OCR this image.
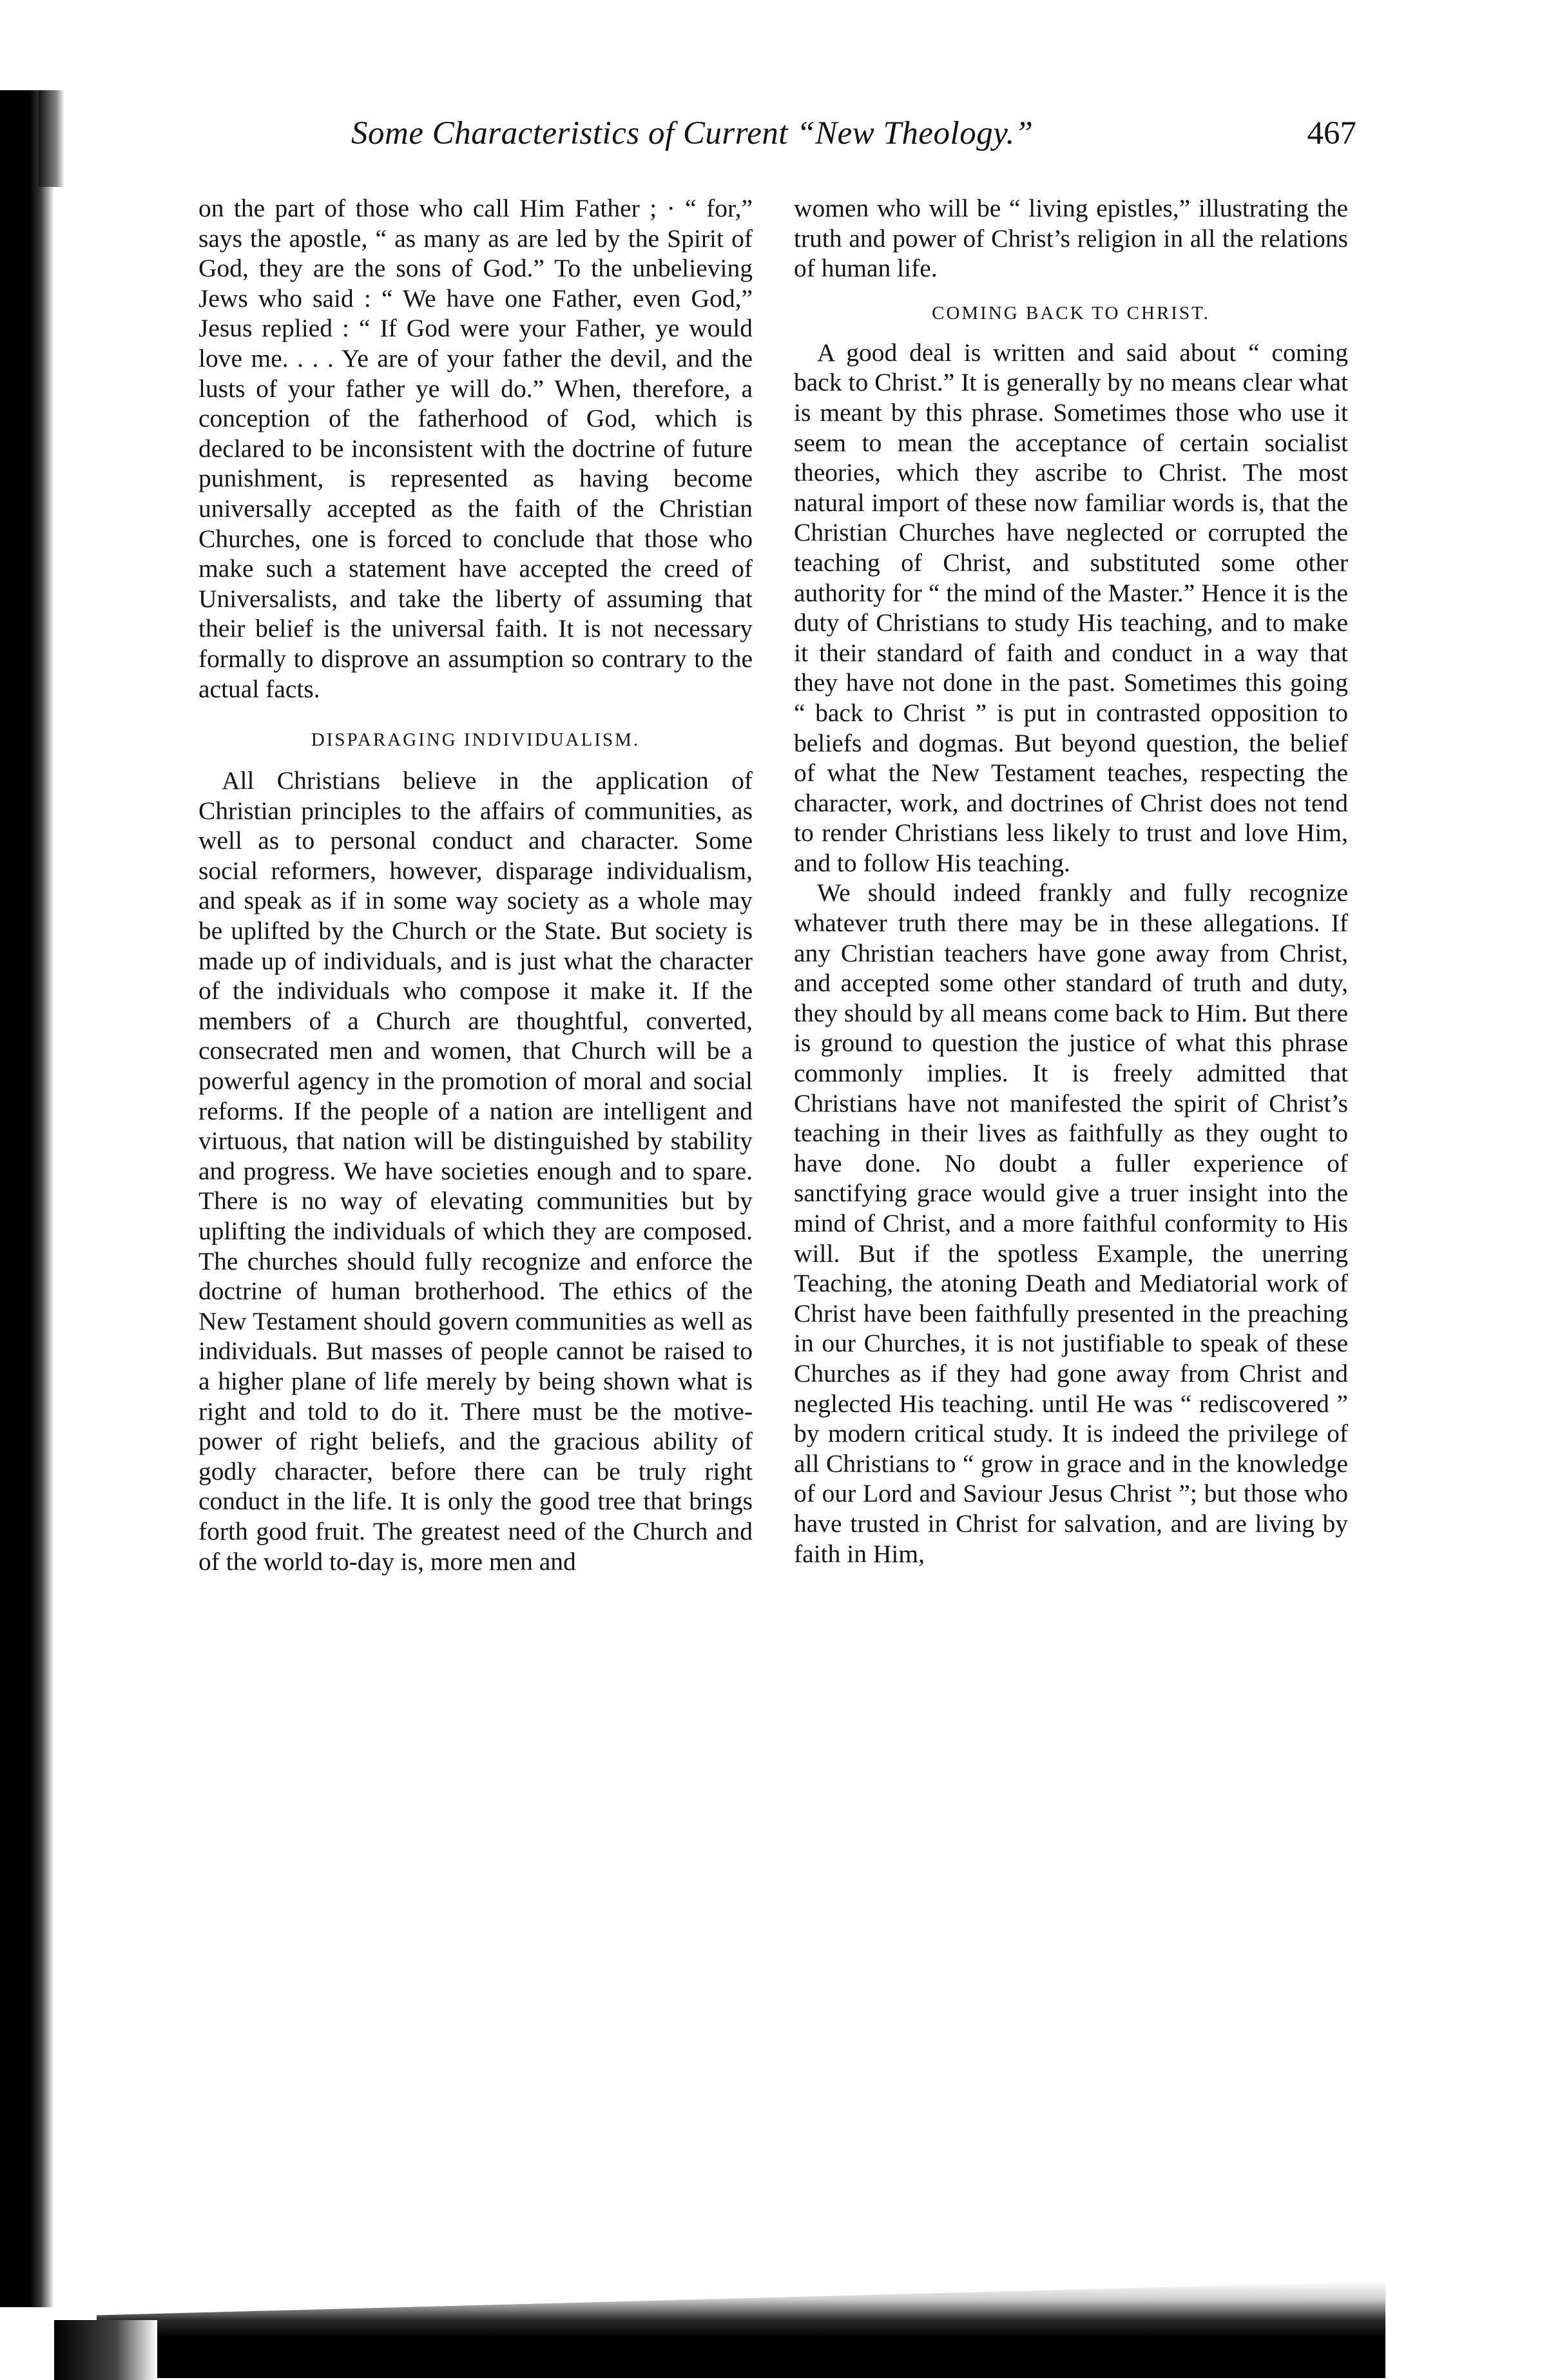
Some Characteristics of Current “New Theology.”	467

on the part of those who call Him Father ; · “ for,” says the apostle, “ as many as are led by the Spirit of God, they are the sons of God.” To the unbelieving Jews who said : “ We have one Father, even God,” Jesus replied : “ If God were your Father, ye would love me. . . . Ye are of your father the devil, and the lusts of your father ye will do.” When, therefore, a conception of the fatherhood of God, which is declared to be inconsistent with the doctrine of future punishment, is represented as having become universally accepted as the faith of the Christian Churches, one is forced to conclude that those who make such a statement have accepted the creed of Universalists, and take the liberty of assuming that their belief is the universal faith. It is not necessary formally to disprove an assumption so contrary to the actual facts.

DISPARAGING INDIVIDUALISM.

All Christians believe in the application of Christian principles to the affairs of communities, as well as to personal conduct and character. Some social reformers, however, disparage individualism, and speak as if in some way society as a whole may be uplifted by the Church or the State. But society is made up of individuals, and is just what the character of the individuals who compose it make it. If the members of a Church are thoughtful, converted, consecrated men and women, that Church will be a powerful agency in the promotion of moral and social reforms. If the people of a nation are intelligent and virtuous, that nation will be distinguished by stability and progress. We have societies enough and to spare. There is no way of elevating communities but by uplifting the individuals of which they are composed. The churches should fully recognize and enforce the doctrine of human brotherhood. The ethics of the New Testament should govern communities as well as individuals. But masses of people cannot be raised to a higher plane of life merely by being shown what is right and told to do it. There must be the motive-power of right beliefs, and the gracious ability of godly character, before there can be truly right conduct in the life. It is only the good tree that brings forth good fruit. The greatest need of the Church and of the world to-day is, more men and

women who will be “ living epistles,” illustrating the truth and power of Christ’s religion in all the relations of human life.

COMING BACK TO CHRIST.

A good deal is written and said about “ coming back to Christ.” It is generally by no means clear what is meant by this phrase. Sometimes those who use it seem to mean the acceptance of certain socialist theories, which they ascribe to Christ. The most natural import of these now familiar words is, that the Christian Churches have neglected or corrupted the teaching of Christ, and substituted some other authority for “ the mind of the Master.” Hence it is the duty of Christians to study His teaching, and to make it their standard of faith and conduct in a way that they have not done in the past. Sometimes this going “ back to Christ ” is put in contrasted opposition to beliefs and dogmas. But beyond question, the belief of what the New Testament teaches, respecting the character, work, and doctrines of Christ does not tend to render Christians less likely to trust and love Him, and to follow His teaching.

We should indeed frankly and fully recognize whatever truth there may be in these allegations. If any Christian teachers have gone away from Christ, and accepted some other standard of truth and duty, they should by all means come back to Him. But there is ground to question the justice of what this phrase commonly implies. It is freely admitted that Christians have not manifested the spirit of Christ’s teaching in their lives as faithfully as they ought to have done. No doubt a fuller experience of sanctifying grace would give a truer insight into the mind of Christ, and a more faithful conformity to His will. But if the spotless Example, the unerring Teaching, the atoning Death and Mediatorial work of Christ have been faithfully presented in the preaching in our Churches, it is not justifiable to speak of these Churches as if they had gone away from Christ and neglected His teaching. until He was “ rediscovered ” by modern critical study. It is indeed the privilege of all Christians to “ grow in grace and in the knowledge of our Lord and Saviour Jesus Christ ”; but those who have trusted in Christ for salvation, and are living by faith in Him,
